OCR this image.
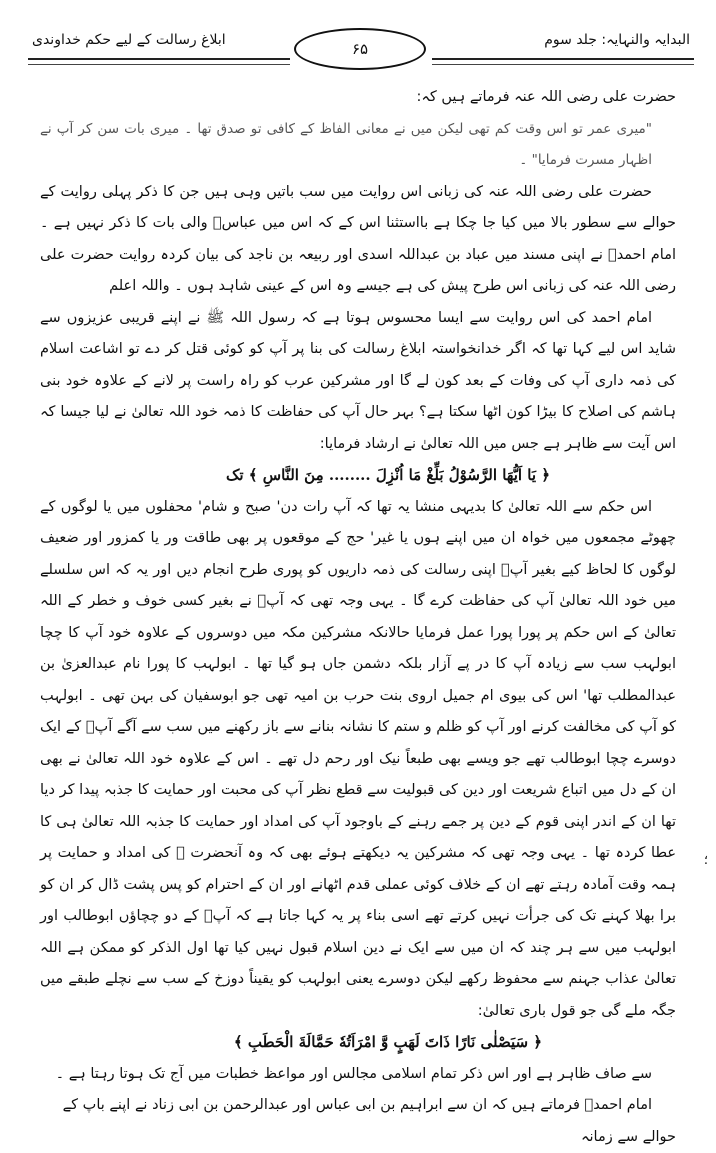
البدایہ والنہایہ: جلد سوم
ابلاغ رسالت کے لیے حکم خداوندی	۶۵

حضرت علی رضی اللہ عنہ فرماتے ہیں کہ:

"میری عمر تو اس وقت کم تھی لیکن میں نے معانی الفاظ کے کافی تو صدق تھا ۔ میری بات سن کر آپ نے اظہار مسرت فرمایا" ۔

حضرت علی رضی اللہ عنہ کی زبانی اس روایت میں سب باتیں وہی ہیں جن کا ذکر پہلی روایت کے حوالے سے سطور بالا میں کیا جا چکا ہے بااستثنا اس کے کہ اس میں عباسؓ والی بات کا ذکر نہیں ہے ۔ امام احمدؒ نے اپنی مسند میں عباد بن عبداللہ اسدی اور ربیعہ بن ناجد کی بیان کردہ روایت حضرت علی رضی اللہ عنہ کی زبانی اس طرح پیش کی ہے جیسے وہ اس کے عینی شاہد ہوں ۔ واللہ اعلم

امام احمد کی اس روایت سے ایسا محسوس ہوتا ہے کہ رسول اللہ ﷺ نے اپنے قریبی عزیزوں سے شاید اس لیے کہا تھا کہ اگر خدانخواستہ ابلاغ رسالت کی بنا پر آپ کو کوئی قتل کر دے تو اشاعت اسلام کی ذمہ داری آپ کی وفات کے بعد کون لے گا اور مشرکین عرب کو راہ راست پر لانے کے علاوہ خود بنی ہاشم کی اصلاح کا بیڑا کون اٹھا سکتا ہے؟ بہر حال آپ کی حفاظت کا ذمہ خود اللہ تعالیٰ نے لیا جیسا کہ اس آیت سے ظاہر ہے جس میں اللہ تعالیٰ نے ارشاد فرمایا:

﴿ یَا اَیُّهَا الرَّسُوْلُ بَلِّغْ مَا اُنْزِلَ ........ مِنَ النَّاسِ ﴾ تک

اس حکم سے اللہ تعالیٰ کا بدیہی منشا یہ تھا کہ آپ رات دن' صبح و شام' محفلوں میں یا لوگوں کے چھوٹے مجمعوں میں خواہ ان میں اپنے ہوں یا غیر' حج کے موقعوں پر بھی طاقت ور یا کمزور اور ضعیف لوگوں کا لحاظ کیے بغیر آپؐ اپنی رسالت کی ذمہ داریوں کو پوری طرح انجام دیں اور یہ کہ اس سلسلے میں خود اللہ تعالیٰ آپ کی حفاظت کرے گا ۔ یہی وجہ تھی کہ آپؐ نے بغیر کسی خوف و خطر کے اللہ تعالیٰ کے اس حکم پر پورا پورا عمل فرمایا حالانکہ مشرکین مکہ میں دوسروں کے علاوہ خود آپ کا چچا ابولہب سب سے زیادہ آپ کا در پے آزار بلکہ دشمن جاں ہو گیا تھا ۔ ابولہب کا پورا نام عبدالعزیٰ بن عبدالمطلب تھا' اس کی بیوی ام جمیل اروی بنت حرب بن امیہ تھی جو ابوسفیان کی بہن تھی ۔ ابولہب کو آپ کی مخالفت کرنے اور آپ کو ظلم و ستم کا نشانہ بنانے سے باز رکھنے میں سب سے آگے آپؐ کے ایک دوسرے چچا ابوطالب تھے جو ویسے بھی طبعاً نیک اور رحم دل تھے ۔ اس کے علاوہ خود اللہ تعالیٰ نے بھی ان کے دل میں اتباع شریعت اور دین کی قبولیت سے قطع نظر آپ کی محبت اور حمایت کا جذبہ پیدا کر دیا تھا ان کے اندر اپنی قوم کے دین پر جمے رہنے کے باوجود آپ کی امداد اور حمایت کا جذبہ اللہ تعالیٰ ہی کا عطا کردہ تھا ۔ یہی وجہ تھی کہ مشرکین یہ دیکھتے ہوئے بھی کہ وہ آنحضرت ﷺ کی امداد و حمایت پر ہمہ وقت آمادہ رہتے تھے ان کے خلاف کوئی عملی قدم اٹھانے اور ان کے احترام کو پس پشت ڈال کر ان کو برا بھلا کہنے تک کی جرأت نہیں کرتے تھے اسی بناء پر یہ کہا جاتا ہے کہ آپؐ کے دو چچاؤں ابوطالب اور ابولہب میں سے ہر چند کہ ان میں سے ایک نے دین اسلام قبول نہیں کیا تھا اول الذکر کو ممکن ہے اللہ تعالیٰ عذاب جہنم سے محفوظ رکھے لیکن دوسرے یعنی ابولہب کو یقیناً دوزخ کے سب سے نچلے طبقے میں جگہ ملے گی جو قول باری تعالیٰ:

﴿ سَیَصْلٰی نَارًا ذَاتَ لَهَبٍ وَّ امْرَاَتُهٗ حَمَّالَةَ الْحَطَبِ ﴾

سے صاف ظاہر ہے اور اس ذکر تمام اسلامی مجالس اور مواعظ خطبات میں آج تک ہوتا رہتا ہے ۔

امام احمدؒ فرماتے ہیں کہ ان سے ابراہیم بن ابی عباس اور عبدالرحمن بن ابی زناد نے اپنے باپ کے حوالے سے زمانہ

؛
